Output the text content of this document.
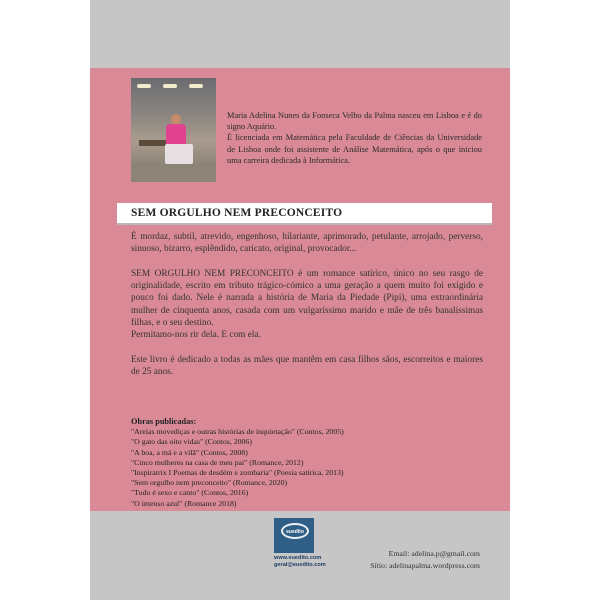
Maria Adelina Nunes da Fonseca Velho da Palma nasceu em Lisboa e é do signo Aquário.

É licenciada em Matemática pela Faculdade de Ciências da Universidade de Lisboa onde foi assistente de Análise Matemática, após o que iniciou uma carreira dedicada à Informática.

SEM ORGULHO NEM PRECONCEITO

É mordaz, subtil, atrevido, engenhoso, hilariante, aprimorado, petulante, arrojado, perverso, sinuoso, bizarro, esplêndido, caricato, original, provocador...

SEM ORGULHO NEM PRECONCEITO é um romance satírico, único no seu rasgo de originalidade, escrito em tributo trágico-cómico a uma geração a quem muito foi exigido e pouco foi dado. Nele é narrada a história de Maria da Piedade (Pipi), uma extraordinária mulher de cinquenta anos, casada com um vulgaríssimo marido e mãe de três banalíssimas filhas, e o seu destino.

Permitamo-nos rir dela. E com ela.

Este livro é dedicado a todas as mães que mantêm em casa filhos sãos, escorreitos e maiores de 25 anos.

Obras publicadas:
"Areias movediças e outras histórias de inquietação" (Contos, 2005)
"O gato das oito vidas" (Contos, 2006)
"A boa, a má e a vilã" (Contos, 2008)
"Cinco mulheres na casa de meu pai" (Romance, 2012)
"Inspiratrix I Poemas de desdém e zombaria" (Poesia satírica, 2013)
"Sem orgulho nem preconceito" (Romance, 2020)
"Tudo é sexo e canto" (Contos, 2016)
"O imenso azul" (Romance 2018)
euedito
www.euedito.com
geral@euedito.com
Email: adelina.p@gmail.com
Sítio: adelinapalma.wordpress.com
